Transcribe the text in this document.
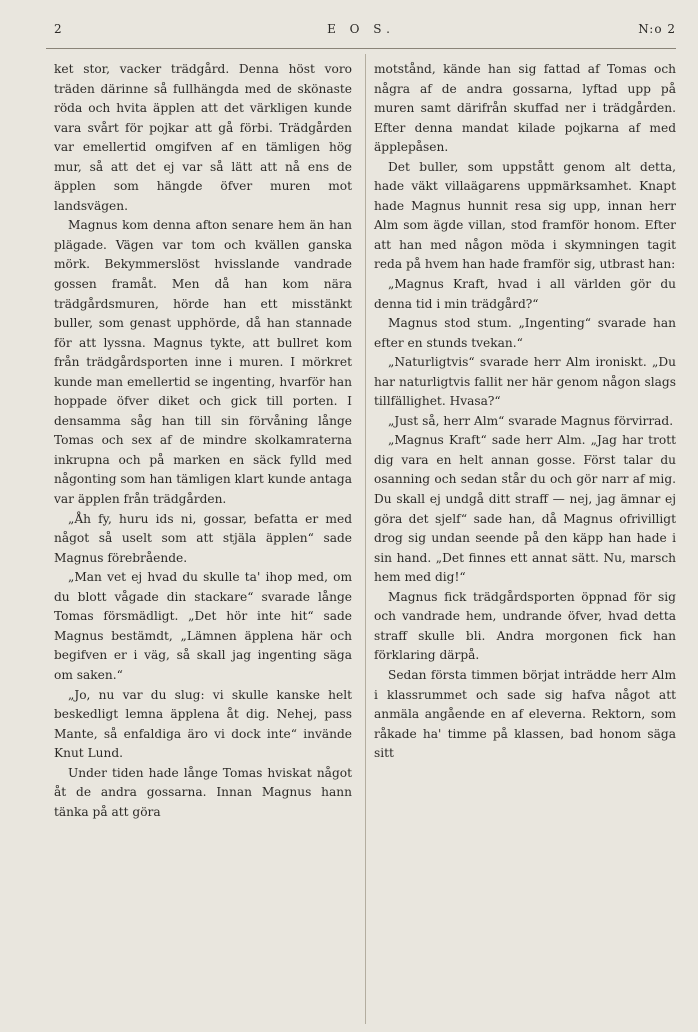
2	E O S.	N:o 2

ket stor, vacker trädgård. Denna höst voro träden därinne så fullhängda med de skönaste röda och hvita äpplen att det värkligen kunde vara svårt för pojkar att gå förbi. Trädgården var emellertid omgifven af en tämligen hög mur, så att det ej var så lätt att nå ens de äpplen som hängde öfver muren mot landsvägen.

Magnus kom denna afton senare hem än han plägade. Vägen var tom och kvällen ganska mörk. Bekymmerslöst hvisslande vandrade gossen framåt. Men då han kom nära trädgårdsmuren, hörde han ett misstänkt buller, som genast upphörde, då han stannade för att lyssna. Magnus tykte, att bullret kom från trädgårdsporten inne i muren. I mörkret kunde man emellertid se ingenting, hvarför han hoppade öfver diket och gick till porten. I densamma såg han till sin förvåning långe Tomas och sex af de mindre skolkamraterna inkrupna och på marken en säck fylld med någonting som han tämligen klart kunde antaga var äpplen från trädgården.

„Åh fy, huru ids ni, gossar, befatta er med något så uselt som att stjäla äpplen“ sade Magnus förebrående.

„Man vet ej hvad du skulle ta' ihop med, om du blott vågade din stackare“ svarade långe Tomas försmädligt. „Det hör inte hit“ sade Magnus bestämdt, „Lämnen äpplena här och begifven er i väg, så skall jag ingenting säga om saken.“

„Jo, nu var du slug: vi skulle kanske helt beskedligt lemna äpplena åt dig. Nehej, pass Mante, så enfaldiga äro vi dock inte“ invände Knut Lund.

Under tiden hade långe Tomas hviskat något åt de andra gossarna. Innan Magnus hann tänka på att göra

motstånd, kände han sig fattad af Tomas och några af de andra gossarna, lyftad upp på muren samt därifrån skuffad ner i trädgården. Efter denna mandat kilade pojkarna af med äpplepåsen.

Det buller, som uppstått genom alt detta, hade väkt villaägarens uppmärksamhet. Knapt hade Magnus hunnit resa sig upp, innan herr Alm som ägde villan, stod framför honom. Efter att han med någon möda i skymningen tagit reda på hvem han hade framför sig, utbrast han:

„Magnus Kraft, hvad i all världen gör du denna tid i min trädgård?“

Magnus stod stum. „Ingenting“ svarade han efter en stunds tvekan.“

„Naturligtvis“ svarade herr Alm ironiskt. „Du har naturligtvis fallit ner här genom någon slags tillfällighet. Hvasa?“

„Just så, herr Alm“ svarade Magnus förvirrad.

„Magnus Kraft“ sade herr Alm. „Jag har trott dig vara en helt annan gosse. Först talar du osanning och sedan står du och gör narr af mig. Du skall ej undgå ditt straff — nej, jag ämnar ej göra det sjelf“ sade han, då Magnus ofrivilligt drog sig undan seende på den käpp han hade i sin hand. „Det finnes ett annat sätt. Nu, marsch hem med dig!“

Magnus fick trädgårdsporten öppnad för sig och vandrade hem, undrande öfver, hvad detta straff skulle bli. Andra morgonen fick han förklaring därpå.

Sedan första timmen börjat inträdde herr Alm i klassrummet och sade sig hafva något att anmäla angående en af eleverna. Rektorn, som råkade ha' timme på klassen, bad honom säga sitt
